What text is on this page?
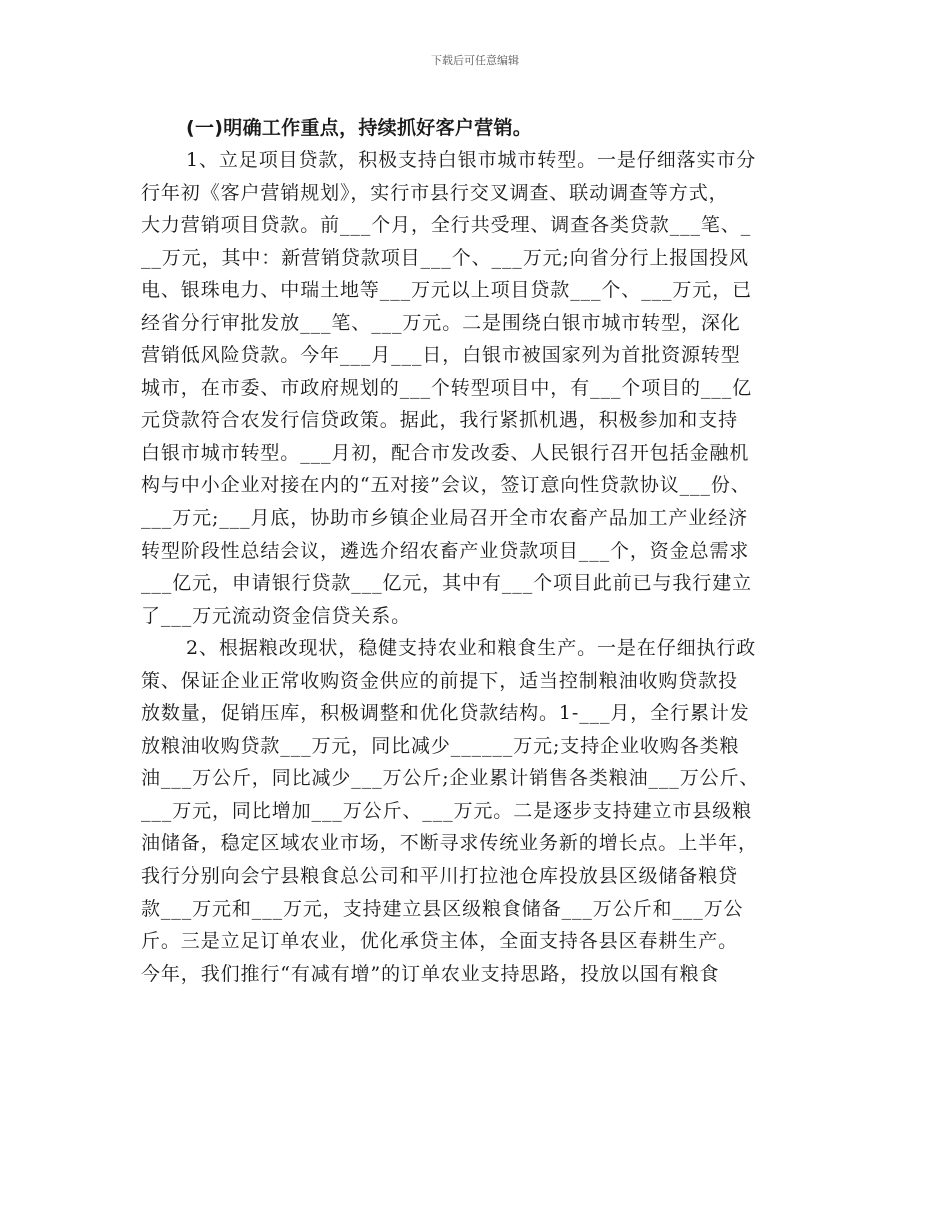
下载后可任意编辑

(一)明确工作重点，持续抓好客户营销。

1、立足项目贷款，积极支持白银市城市转型。一是仔细落实市分
行年初《客户营销规划》，实行市县行交叉调查、联动调查等方式，
大力营销项目贷款。前___个月，全行共受理、调查各类贷款___笔、_
__万元，其中：新营销贷款项目___个、___万元;向省分行上报国投风
电、银珠电力、中瑞土地等___万元以上项目贷款___个、___万元，已
经省分行审批发放___笔、___万元。二是围绕白银市城市转型，深化
营销低风险贷款。今年___月___日，白银市被国家列为首批资源转型
城市，在市委、市政府规划的___个转型项目中，有___个项目的___亿
元贷款符合农发行信贷政策。据此，我行紧抓机遇，积极参加和支持
白银市城市转型。___月初，配合市发改委、人民银行召开包括金融机
构与中小企业对接在内的“五对接”会议，签订意向性贷款协议___份、
___万元;___月底，协助市乡镇企业局召开全市农畜产品加工产业经济
转型阶段性总结会议，遴选介绍农畜产业贷款项目___个，资金总需求
___亿元，申请银行贷款___亿元，其中有___个项目此前已与我行建立
了___万元流动资金信贷关系。
2、根据粮改现状，稳健支持农业和粮食生产。一是在仔细执行政
策、保证企业正常收购资金供应的前提下，适当控制粮油收购贷款投
放数量，促销压库，积极调整和优化贷款结构。1-___月，全行累计发
放粮油收购贷款___万元，同比减少______万元;支持企业收购各类粮
油___万公斤，同比减少___万公斤;企业累计销售各类粮油___万公斤、
___万元，同比增加___万公斤、___万元。二是逐步支持建立市县级粮
油储备，稳定区域农业市场，不断寻求传统业务新的增长点。上半年，
我行分别向会宁县粮食总公司和平川打拉池仓库投放县区级储备粮贷
款___万元和___万元，支持建立县区级粮食储备___万公斤和___万公
斤。三是立足订单农业，优化承贷主体，全面支持各县区春耕生产。
今年，我们推行“有减有增”的订单农业支持思路，投放以国有粮食
